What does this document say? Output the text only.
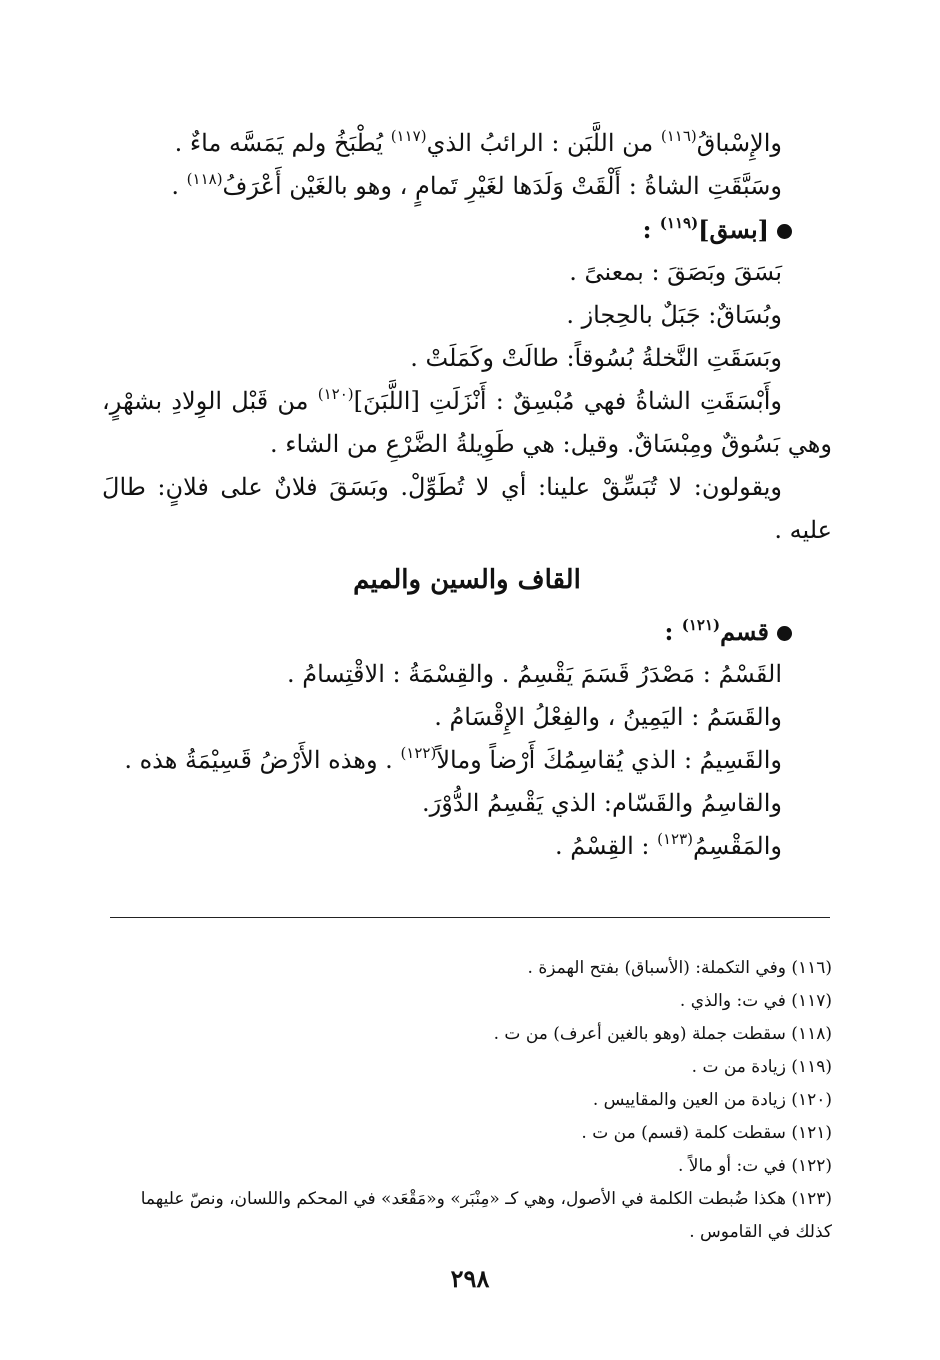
والإِسْباقُ$^{(١١٦)}$ من اللَّبَن : الرائبُ الذي$^{(١١٧)}$ يُطْبَخُ ولم يَمَسَّه ماءٌ .
وسَبَّقَتِ الشاةُ : أَلْقَتْ وَلَدَها لغَيْرِ تَمامٍ ، وهو بالغَيْن أَعْرَفُ$^{(١١٨)}$ .
[بسق]$^{(١١٩)}$ :
بَسَقَ وبَصَقَ : بمعنىً .
وبُسَاقٌ: جَبَلٌ بالحِجاز .
وبَسَقَتِ النَّخلةُ بُسُوقاً: طالَتْ وكَمَلَتْ .
وأَبْسَقَتِ الشاةُ فهي مُبْسِقٌ : أَنْزَلَتِ [اللَّبَنَ]$^{(١٢٠)}$ من قَبْل الوِلادِ بشهْرٍ، وهي بَسُوقٌ ومِبْسَاقٌ. وقيل: هي طَوِيلةُ الضَّرْعِ من الشاء .
ويقولون: لا تُبَسِّقْ علينا: أي لا تُطَوِّلْ. وبَسَقَ فلانٌ على فلانٍ: طالَ عليه .
القاف والسين والميم
قسم$^{(١٢١)}$ :
القَسْمُ : مَصْدَرُ قَسَمَ يَقْسِمُ . والقِسْمَةُ : الاقْتِسامُ .
والقَسَمُ : اليَمِينُ ، والفِعْلُ الإِقْسَامُ .
والقَسِيمُ : الذي يُقاسِمُكَ أَرْضاً ومالاً$^{(١٢٢)}$ . وهذه الأَرْضُ قَسِيْمَةُ هذه .
والقاسِمُ والقَسّام: الذي يَقْسِمُ الدُّوْرَ.
والمَقْسِمُ$^{(١٢٣)}$ : القِسْمُ .
(١١٦) وفي التكملة: (الأسباق) بفتح الهمزة .
(١١٧) في ت: والذي .
(١١٨) سقطت جملة (وهو بالغين أعرف) من ت .
(١١٩) زيادة من ت .
(١٢٠) زيادة من العين والمقاييس .
(١٢١) سقطت كلمة (قسم) من ت .
(١٢٢) في ت: أو مالاً .
(١٢٣) هكذا ضُبطت الكلمة في الأصول، وهي كـ «مِنْبَر» و«مَقْعَد» في المحكم واللسان، ونصّ عليهما كذلك في القاموس .
٢٩٨
